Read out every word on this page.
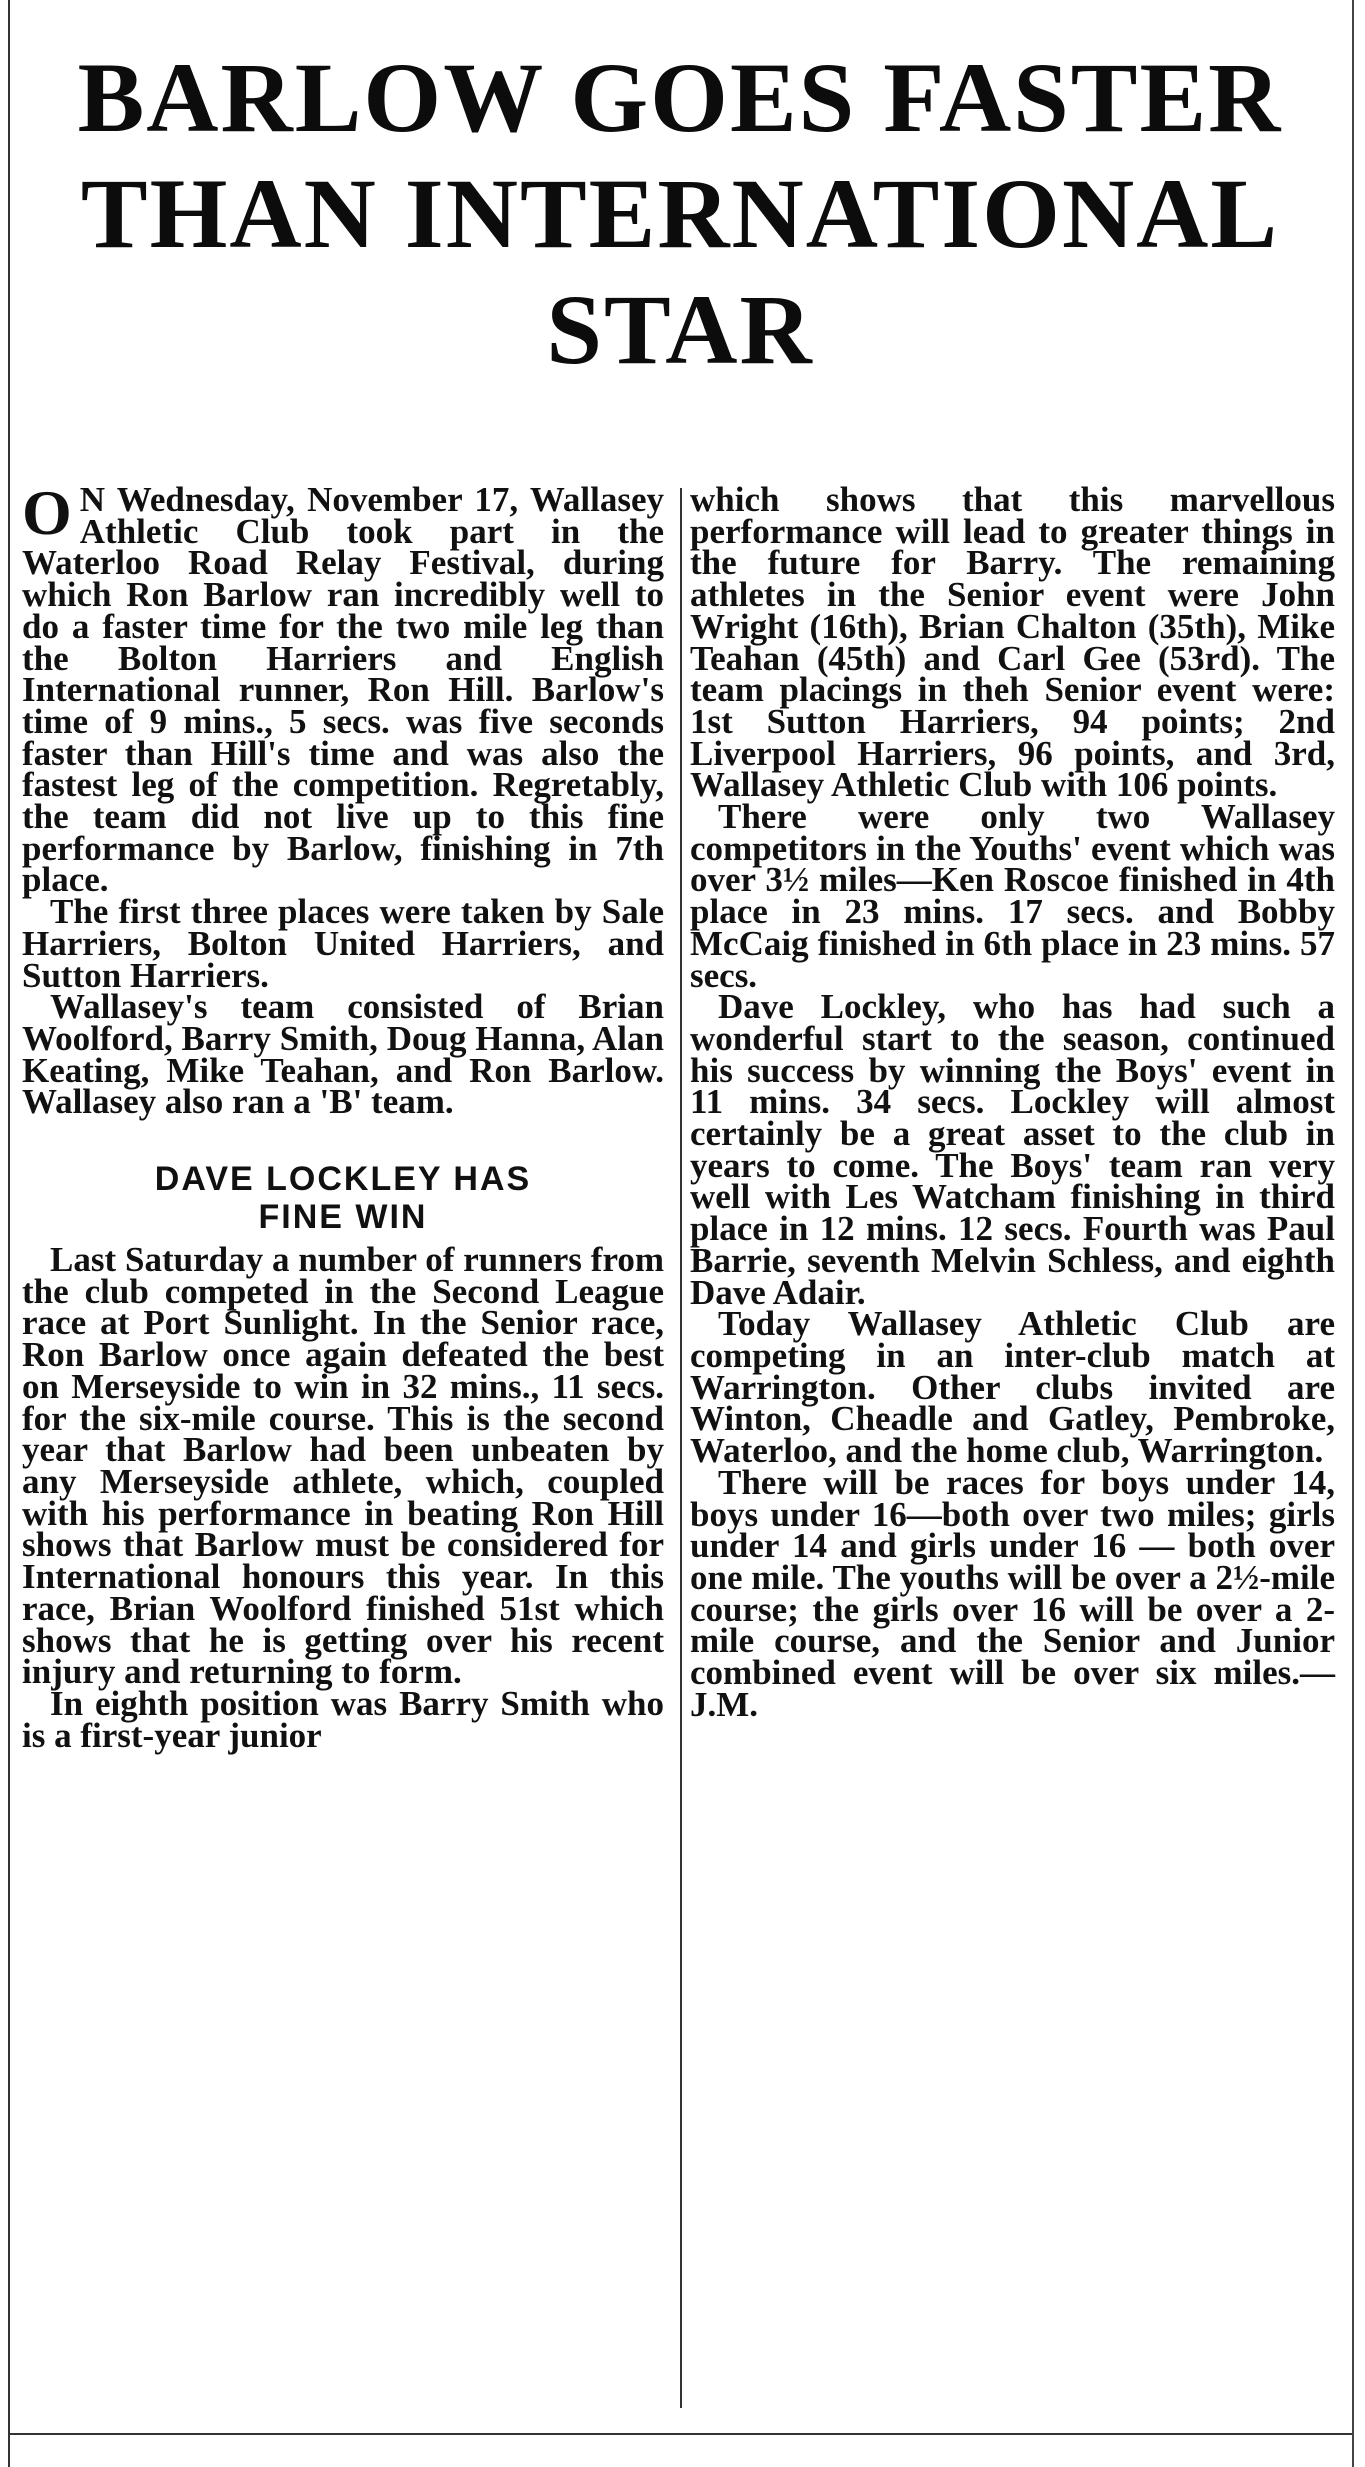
BARLOW GOES FASTER
THAN INTERNATIONAL
STAR

O N Wednesday, November 17, Wallasey Athletic Club took part in the Waterloo Road Relay Festival, during which Ron Barlow ran incredibly well to do a faster time for the two mile leg than the Bolton Harriers and English International runner, Ron Hill. Barlow's time of 9 mins., 5 secs. was five seconds faster than Hill's time and was also the fastest leg of the competition. Regretably, the team did not live up to this fine performance by Barlow, finishing in 7th place.

The first three places were taken by Sale Harriers, Bolton United Harriers, and Sutton Harriers.

Wallasey's team consisted of Brian Woolford, Barry Smith, Doug Hanna, Alan Keating, Mike Teahan, and Ron Barlow. Wallasey also ran a 'B' team.

DAVE LOCKLEY HAS
FINE WIN

Last Saturday a number of runners from the club competed in the Second League race at Port Sunlight. In the Senior race, Ron Barlow once again defeated the best on Merseyside to win in 32 mins., 11 secs. for the six-mile course. This is the second year that Barlow had been unbeaten by any Merseyside athlete, which, coupled with his performance in beating Ron Hill shows that Barlow must be considered for International honours this year. In this race, Brian Woolford finished 51st which shows that he is getting over his recent injury and returning to form.

In eighth position was Barry Smith who is a first-year junior

which shows that this marvellous performance will lead to greater things in the future for Barry. The remaining athletes in the Senior event were John Wright (16th), Brian Chalton (35th), Mike Teahan (45th) and Carl Gee (53rd). The team placings in theh Senior event were: 1st Sutton Harriers, 94 points; 2nd Liverpool Harriers, 96 points, and 3rd, Wallasey Athletic Club with 106 points.

There were only two Wallasey competitors in the Youths' event which was over 3½ miles—Ken Roscoe finished in 4th place in 23 mins. 17 secs. and Bobby McCaig finished in 6th place in 23 mins. 57 secs.

Dave Lockley, who has had such a wonderful start to the season, continued his success by winning the Boys' event in 11 mins. 34 secs. Lockley will almost certainly be a great asset to the club in years to come. The Boys' team ran very well with Les Watcham finishing in third place in 12 mins. 12 secs. Fourth was Paul Barrie, seventh Melvin Schless, and eighth Dave Adair.

Today Wallasey Athletic Club are competing in an inter-club match at Warrington. Other clubs invited are Winton, Cheadle and Gatley, Pembroke, Waterloo, and the home club, Warrington.

There will be races for boys under 14, boys under 16—both over two miles; girls under 14 and girls under 16 — both over one mile. The youths will be over a 2½-mile course; the girls over 16 will be over a 2-mile course, and the Senior and Junior combined event will be over six miles.—J.M.
